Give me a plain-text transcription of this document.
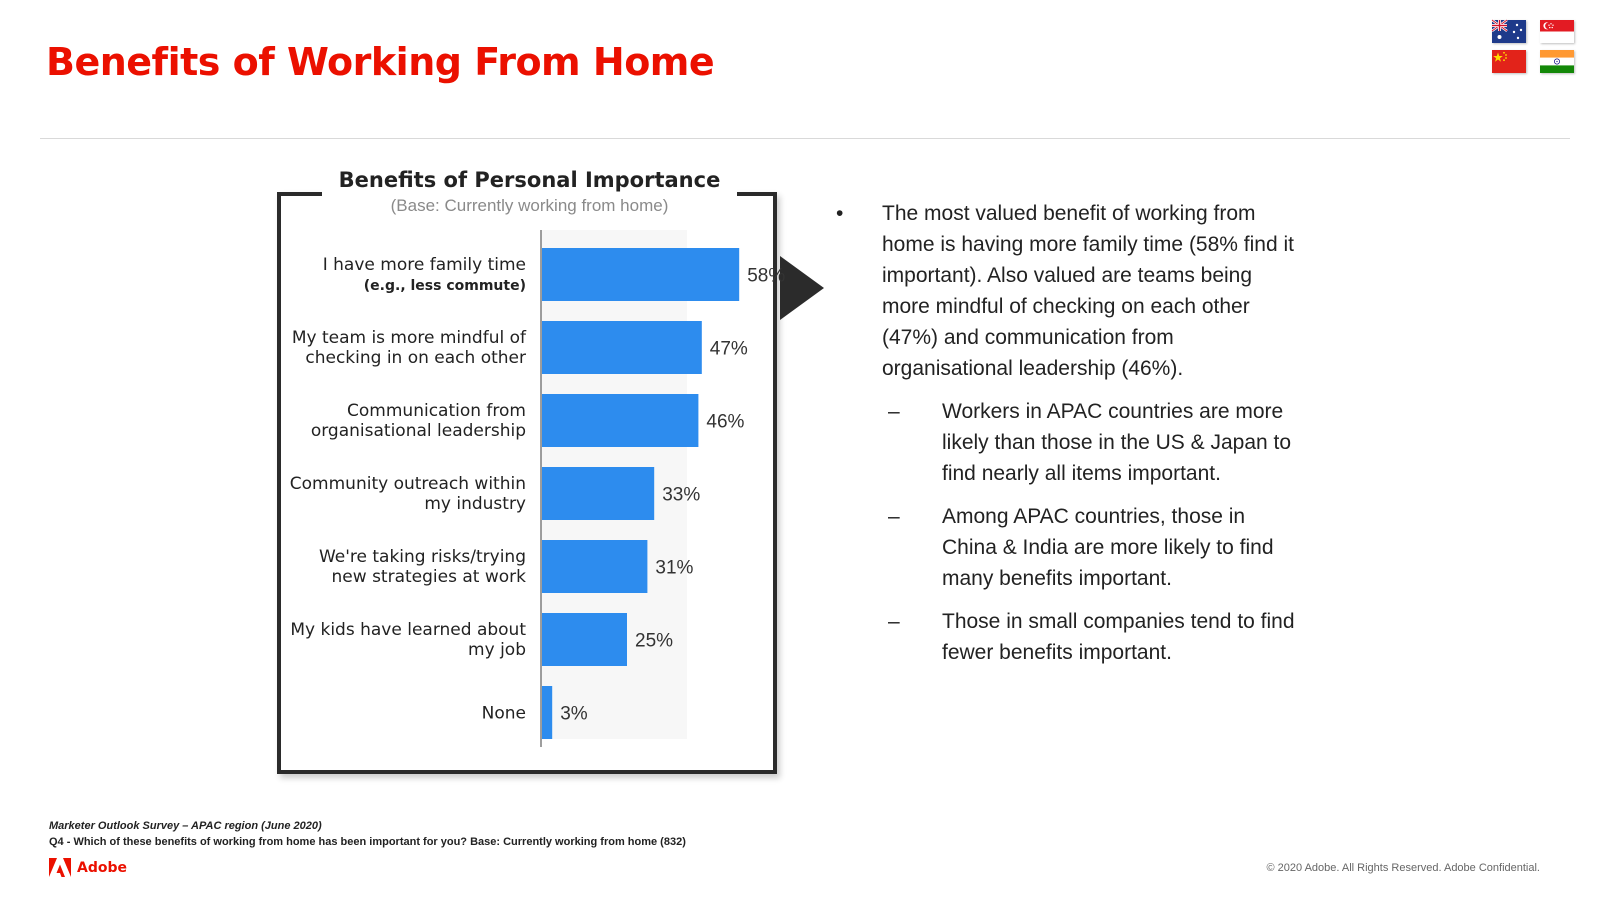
Benefits of Working From Home
Benefits of Personal Importance
(Base: Currently working from home)
58%
I have more family time
(e.g., less commute)
47%
My team is more mindful of
checking in on each other
46%
Communication from
organisational leadership
33%
Community outreach within
my industry
31%
We're taking risks/trying
new strategies at work
25%
My kids have learned about
my job
3%
None
• The most valued benefit of working from home is having more family time (58% find it important). Also valued are teams being more mindful of checking on each other (47%) and communication from organisational leadership (46%).
– Workers in APAC countries are more likely than those in the US & Japan to find nearly all items important.
– Among APAC countries, those in China & India are more likely to find many benefits important.
– Those in small companies tend to find fewer benefits important.
Marketer Outlook Survey – APAC region (June 2020)
Q4 - Which of these benefits of working from home has been important for you? Base: Currently working from home (832)
Adobe	© 2020 Adobe. All Rights Reserved. Adobe Confidential.
